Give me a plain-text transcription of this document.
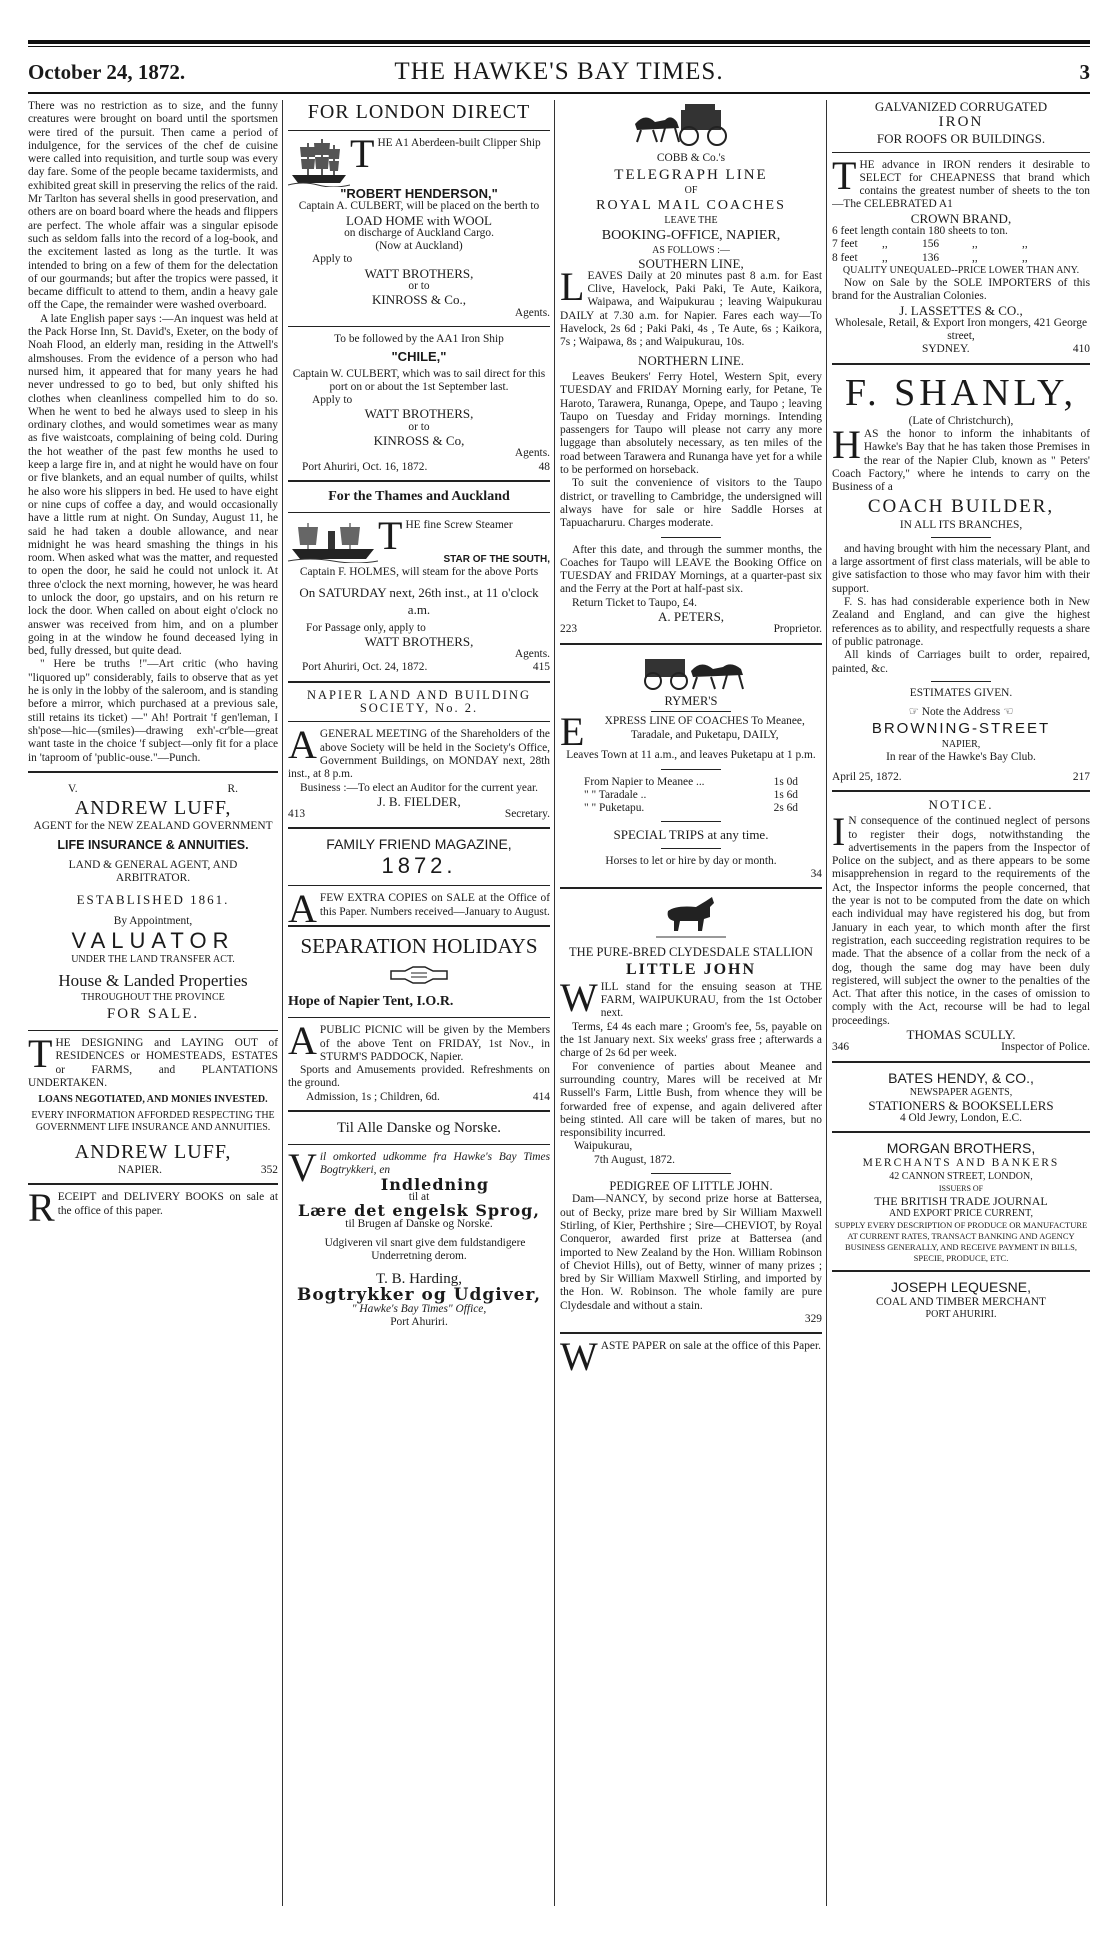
October 24, 1872.	THE HAWKE'S BAY TIMES.	3

There was no restriction as to size, and the funny creatures were brought on board until the sportsmen were tired of the pursuit. Then came a period of indulgence, for the services of the chef de cuisine were called into requisition, and turtle soup was every day fare. Some of the people became taxidermists, and exhibited great skill in preserving the relics of the raid. Mr Tarlton has several shells in good preservation, and others are on board board where the heads and flippers are perfect. The whole affair was a singular episode such as seldom falls into the record of a log-book, and the excitement lasted as long as the turtle. It was intended to bring on a few of them for the delectation of our gourmands; but after the tropics were passed, it became difficult to attend to them, andin a heavy gale off the Cape, the remainder were washed overboard.

A late English paper says :—An inquest was held at the Pack Horse Inn, St. David's, Exeter, on the body of Noah Flood, an elderly man, residing in the Attwell's almshouses. From the evidence of a person who had nursed him, it appeared that for many years he had never undressed to go to bed, but only shifted his clothes when cleanliness compelled him to do so. When he went to bed he always used to sleep in his ordinary clothes, and would sometimes wear as many as five waistcoats, complaining of being cold. During the hot weather of the past few months he used to keep a large fire in, and at night he would have on four or five blankets, and an equal number of quilts, whilst he also wore his slippers in bed. He used to have eight or nine cups of coffee a day, and would occasionally have a little rum at night. On Sunday, August 11, he said he had taken a double allowance, and near midnight he was heard smashing the things in his room. When asked what was the matter, and requested to open the door, he said he could not unlock it. At three o'clock the next morning, however, he was heard to unlock the door, go upstairs, and on his return re lock the door. When called on about eight o'clock no answer was received from him, and on a plumber going in at the window he found deceased lying in bed, fully dressed, but quite dead.

" Here be truths !"—Art critic (who having "liquored up" considerably, fails to observe that as yet he is only in the lobby of the saleroom, and is standing before a mirror, which purchased at a previous sale, still retains its ticket) —" Ah! Portrait 'f gen'leman, I sh'pose—hic—(smiles)—drawing exh'-cr'ble—great want taste in the choice 'f subject—only fit for a place in 'taproom of 'public-ouse."—Punch.

V.	R.
ANDREW LUFF,
AGENT for the NEW ZEALAND GOVERNMENT
LIFE INSURANCE & ANNUITIES.
LAND & GENERAL AGENT, AND ARBITRATOR.
ESTABLISHED 1861.
By Appointment,
VALUATOR
UNDER THE LAND TRANSFER ACT.
House & Landed Properties
THROUGHOUT THE PROVINCE
FOR SALE.
THE DESIGNING and LAYING OUT of RESIDENCES or HOMESTEADS, ESTATES or FARMS, and PLANTATIONS UNDERTAKEN.
LOANS NEGOTIATED, AND MONIES INVESTED.
EVERY INFORMATION AFFORDED RESPECTING THE GOVERNMENT LIFE INSURANCE AND ANNUITIES.
ANDREW LUFF,
NAPIER.	352
RECEIPT and DELIVERY BOOKS on sale at the office of this paper.
FOR LONDON DIRECT
THE A1 Aberdeen-built Clipper Ship
"ROBERT HENDERSON,"
Captain A. CULBERT, will be placed on the berth to
LOAD HOME with WOOL
on discharge of Auckland Cargo.
(Now at Auckland)
Apply to
WATT BROTHERS,
or to
KINROSS & Co.,
Agents.
To be followed by the AA1 Iron Ship
"CHILE,"
Captain W. CULBERT, which was to sail direct for this port on or about the 1st September last.
Apply to
WATT BROTHERS,
or to
KINROSS & Co,
Agents.
Port Ahuriri, Oct. 16, 1872.	48
For the Thames and Auckland
THE fine Screw Steamer
STAR OF THE SOUTH,
Captain F. HOLMES, will steam for the above Ports
On SATURDAY next, 26th inst., at 11 o'clock a.m.
For Passage only, apply to
WATT BROTHERS,
Agents.
Port Ahuriri, Oct. 24, 1872.	415
NAPIER LAND AND BUILDING SOCIETY, No. 2.
AGENERAL MEETING of the Shareholders of the above Society will be held in the Society's Office, Government Buildings, on MONDAY next, 28th inst., at 8 p.m.
Business :—To elect an Auditor for the current year.
J. B. FIELDER,
413	Secretary.
FAMILY FRIEND MAGAZINE,
1872.
AFEW EXTRA COPIES on SALE at the Office of this Paper. Numbers received—January to August.
SEPARATION HOLIDAYS
Hope of Napier Tent, I.O.R.
APUBLIC PICNIC will be given by the Members of the above Tent on FRIDAY, 1st Nov., in STURM'S PADDOCK, Napier.
Sports and Amusements provided. Refreshments on the ground.
Admission, 1s ; Children, 6d.	414
Til Alle Danske og Norske.
Vil omkorted udkomme fra Hawke's Bay Times Bogtrykkeri, en
Indledning
til at
Lære det engelsk Sprog,
til Brugen af Danske og Norske.
Udgiveren vil snart give dem fuldstandigere Underretning derom.
T. B. Harding,
Bogtrykker og Udgiver,
" Hawke's Bay Times" Office,
Port Ahuriri.
COBB & Co.'s
TELEGRAPH LINE
OF
ROYAL MAIL COACHES
LEAVE THE
BOOKING-OFFICE, NAPIER,
AS FOLLOWS :—
SOUTHERN LINE,
LEAVES Daily at 20 minutes past 8 a.m. for East Clive, Havelock, Paki Paki, Te Aute, Kaikora, Waipawa, and Waipukurau ; leaving Waipukurau DAILY at 7.30 a.m. for Napier. Fares each way—To Havelock, 2s 6d ; Paki Paki, 4s , Te Aute, 6s ; Kaikora, 7s ; Waipawa, 8s ; and Waipukurau, 10s.
NORTHERN LINE.
Leaves Beukers' Ferry Hotel, Western Spit, every TUESDAY and FRIDAY Morning early, for Petane, Te Haroto, Tarawera, Runanga, Opepe, and Taupo ; leaving Taupo on Tuesday and Friday mornings. Intending passengers for Taupo will please not carry any more luggage than absolutely necessary, as ten miles of the road between Tarawera and Runanga have yet for a while to be performed on horseback.
To suit the convenience of visitors to the Taupo district, or travelling to Cambridge, the undersigned will always have for sale or hire Saddle Horses at Tapuacharuru. Charges moderate.
After this date, and through the summer months, the Coaches for Taupo will LEAVE the Booking Office on TUESDAY and FRIDAY Mornings, at a quarter-past six and the Ferry at the Port at half-past six.
Return Ticket to Taupo, £4.
A. PETERS,
223	Proprietor.
RYMER'S
E XPRESS LINE OF COACHES To Meanee, Taradale, and Puketapu, DAILY,
Leaves Town at 11 a.m., and leaves Puketapu at 1 p.m.
From Napier to Meanee ...	1s 0d
" " Taradale ..	1s 6d
" " Puketapu.	2s 6d
SPECIAL TRIPS at any time.
Horses to let or hire by day or month.
34
THE PURE-BRED CLYDESDALE STALLION
LITTLE JOHN
WILL stand for the ensuing season at THE FARM, WAIPUKURAU, from the 1st October next.
Terms, £4 4s each mare ; Groom's fee, 5s, payable on the 1st January next. Six weeks' grass free ; afterwards a charge of 2s 6d per week.
For convenience of parties about Meanee and surrounding country, Mares will be received at Mr Russell's Farm, Little Bush, from whence they will be forwarded free of expense, and again delivered after being stinted. All care will be taken of mares, but no responsibility incurred.
Waipukurau,
7th August, 1872.
PEDIGREE OF LITTLE JOHN.
Dam—NANCY, by second prize horse at Battersea, out of Becky, prize mare bred by Sir William Maxwell Stirling, of Kier, Perthshire ; Sire—CHEVIOT, by Royal Conqueror, awarded first prize at Battersea (and imported to New Zealand by the Hon. William Robinson of Cheviot Hills), out of Betty, winner of many prizes ; bred by Sir William Maxwell Stirling, and imported by the Hon. W. Robinson. The whole family are pure Clydesdale and without a stain.
329
WASTE PAPER on sale at the office of this Paper.
GALVANIZED CORRUGATED
IRON
FOR ROOFS OR BUILDINGS.
THE advance in IRON renders it desirable to SELECT for CHEAPNESS that brand which contains the greatest number of sheets to the ton—The CELEBRATED A1
CROWN BRAND,
6 feet length contain 180 sheets to ton.
7 feet	,,	156	,,	,,
8 feet	,,	136	,,	,,
QUALITY UNEQUALED--PRICE LOWER THAN ANY.
Now on Sale by the SOLE IMPORTERS of this brand for the Australian Colonies.
J. LASSETTES & CO.,
Wholesale, Retail, & Export Iron mongers, 421 George street,
SYDNEY.	410
F. SHANLY,
(Late of Christchurch),
HAS the honor to inform the inhabitants of Hawke's Bay that he has taken those Premises in the rear of the Napier Club, known as " Peters' Coach Factory," where he intends to carry on the Business of a
COACH BUILDER,
IN ALL ITS BRANCHES,
and having brought with him the necessary Plant, and a large assortment of first class materials, will be able to give satisfaction to those who may favor him with their support.
F. S. has had considerable experience both in New Zealand and England, and can give the highest references as to ability, and respectfully requests a share of public patronage.
All kinds of Carriages built to order, repaired, painted, &c.
ESTIMATES GIVEN.
☞ Note the Address ☜
BROWNING-STREET
NAPIER,
In rear of the Hawke's Bay Club.
April 25, 1872.	217
NOTICE.
I N consequence of the continued neglect of persons to register their dogs, notwithstanding the advertisements in the papers from the Inspector of Police on the subject, and as there appears to be some misapprehension in regard to the requirements of the Act, the Inspector informs the people concerned, that the year is not to be computed from the date on which each individual may have registered his dog, but from January in each year, to which month after the first registration, each succeeding registration requires to be made. That the absence of a collar from the neck of a dog, though the same dog may have been duly registered, will subject the owner to the penalties of the Act. That after this notice, in the cases of omission to comply with the Act, recourse will be had to legal proceedings.
THOMAS SCULLY.
346	Inspector of Police.
BATES HENDY, & CO.,
NEWSPAPER AGENTS,
STATIONERS & BOOKSELLERS
4 Old Jewry, London, E.C.
MORGAN BROTHERS,
MERCHANTS AND BANKERS
42 CANNON STREET, LONDON,
ISSUERS OF
THE BRITISH TRADE JOURNAL
AND EXPORT PRICE CURRENT,
SUPPLY EVERY DESCRIPTION OF PRODUCE OR MANUFACTURE AT CURRENT RATES, TRANSACT BANKING AND AGENCY BUSINESS GENERALLY, AND RECEIVE PAYMENT IN BILLS, SPECIE, PRODUCE, ETC.
JOSEPH LEQUESNE,
COAL AND TIMBER MERCHANT
PORT AHURIRI.
